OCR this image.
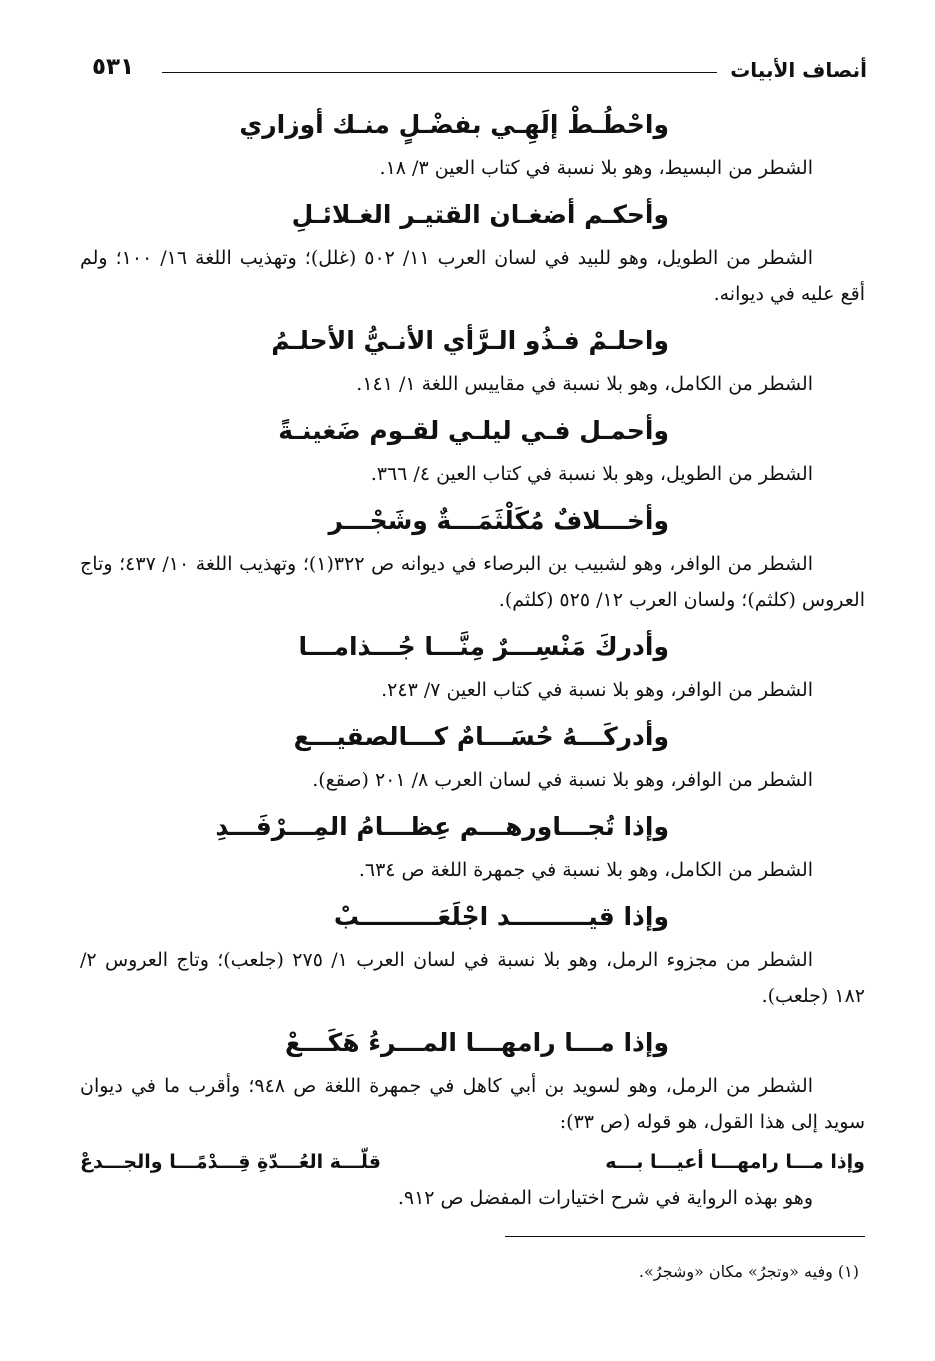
أنصاف الأبيات
٥٣١
واحْطُـطْ إلَهِـي بفضْـلٍ منـك أوزاري
الشطر من البسيط، وهو بلا نسبة في كتاب العين ٣/ ١٨.
وأحكـم أضغـان القتيـر الغـلائـلِ
الشطر من الطويل، وهو للبيد في لسان العرب ١١/ ٥٠٢ (غلل)؛ وتهذيب اللغة ١٦/ ١٠٠؛ ولم أقع عليه في ديوانه.
واحلـمْ فـذُو الـرَّأي الأنـيُّ الأحلـمُ
الشطر من الكامل، وهو بلا نسبة في مقاييس اللغة ١/ ١٤١.
وأحمـل فـي ليلـي لقـوم ضَغينـةً
الشطر من الطويل، وهو بلا نسبة في كتاب العين ٤/ ٣٦٦.
وأخـــلافٌ مُكَلْثَمَـــةٌ وشَجْـــر
الشطر من الوافر، وهو لشبيب بن البرصاء في ديوانه ص ٣٢٢(١)؛ وتهذيب اللغة ١٠/ ٤٣٧؛ وتاج العروس (كلثم)؛ ولسان العرب ١٢/ ٥٢٥ (كلثم).
وأدركَ مَنْسِـــرٌ مِنَّـــا جُـــذامـــا
الشطر من الوافر، وهو بلا نسبة في كتاب العين ٧/ ٢٤٣.
وأدركَـــهُ حُسَـــامٌ كـــالصقيـــع
الشطر من الوافر، وهو بلا نسبة في لسان العرب ٨/ ٢٠١ (صقع).
وإذا تُجـــاورهـــم عِظـــامُ المِـــرْفَـــدِ
الشطر من الكامل، وهو بلا نسبة في جمهرة اللغة ص ٦٣٤.
وإذا قيـــــــــد اجْلَعَـــــــــبْ
الشطر من مجزوء الرمل، وهو بلا نسبة في لسان العرب ١/ ٢٧٥ (جلعب)؛ وتاج العروس ٢/ ١٨٢ (جلعب).
وإذا مـــا رامهـــا المـــرءُ هَكَـــعْ
الشطر من الرمل، وهو لسويد بن أبي كاهل في جمهرة اللغة ص ٩٤٨؛ وأقرب ما في ديوان سويد إلى هذا القول، هو قوله (ص ٣٣):
وإذا مـــا رامهـــا أعيـــا بـــه
قلّـــة العُـــدّةِ قِـــدْمًـــا والجـــدعْ
وهو بهذه الرواية في شرح اختيارات المفضل ص ٩١٢.
(١) وفيه «وتجرُ» مكان «وشجرُ».
